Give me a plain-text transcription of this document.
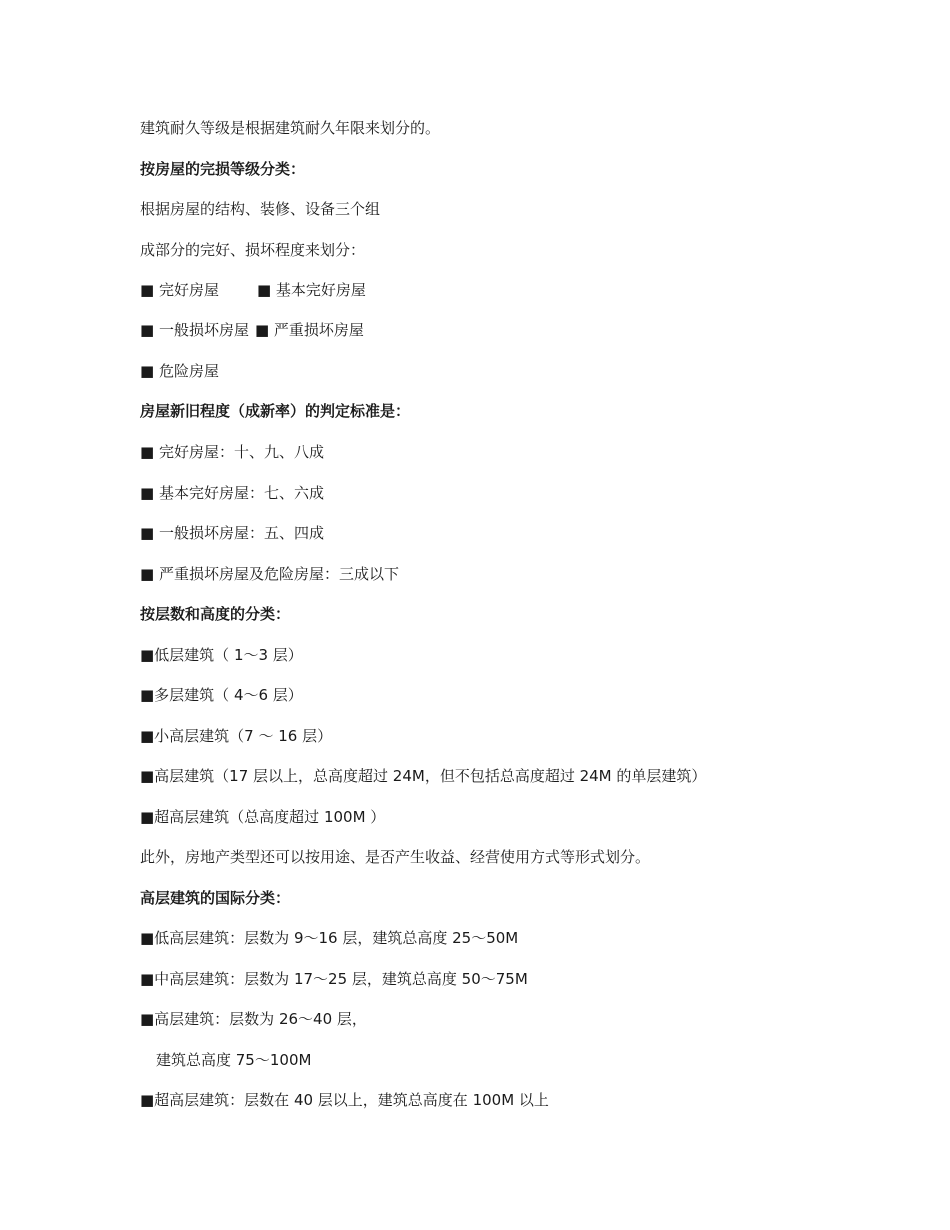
建筑耐久等级是根据建筑耐久年限来划分的。
按房屋的完损等级分类：
根据房屋的结构、装修、设备三个组
成部分的完好、损坏程度来划分：
■ 完好房屋	■ 基本完好房屋
■ 一般损坏房屋 ■ 严重损坏房屋
■ 危险房屋
房屋新旧程度（成新率）的判定标准是：
■ 完好房屋：十、九、八成
■ 基本完好房屋：七、六成
■ 一般损坏房屋：五、四成
■ 严重损坏房屋及危险房屋：三成以下
按层数和高度的分类：
■低层建筑（ 1～3 层）
■多层建筑（ 4～6 层）
■小高层建筑（7 ～ 16 层）
■高层建筑（17 层以上，总高度超过 24M，但不包括总高度超过 24M 的单层建筑）
■超高层建筑（总高度超过 100M ）
此外，房地产类型还可以按用途、是否产生收益、经营使用方式等形式划分。
高层建筑的国际分类：
■低高层建筑：层数为 9～16 层，建筑总高度 25～50M
■中高层建筑：层数为 17～25 层，建筑总高度 50～75M
■高层建筑：层数为 26～40 层，
建筑总高度 75～100M
■超高层建筑：层数在 40 层以上，建筑总高度在 100M 以上
